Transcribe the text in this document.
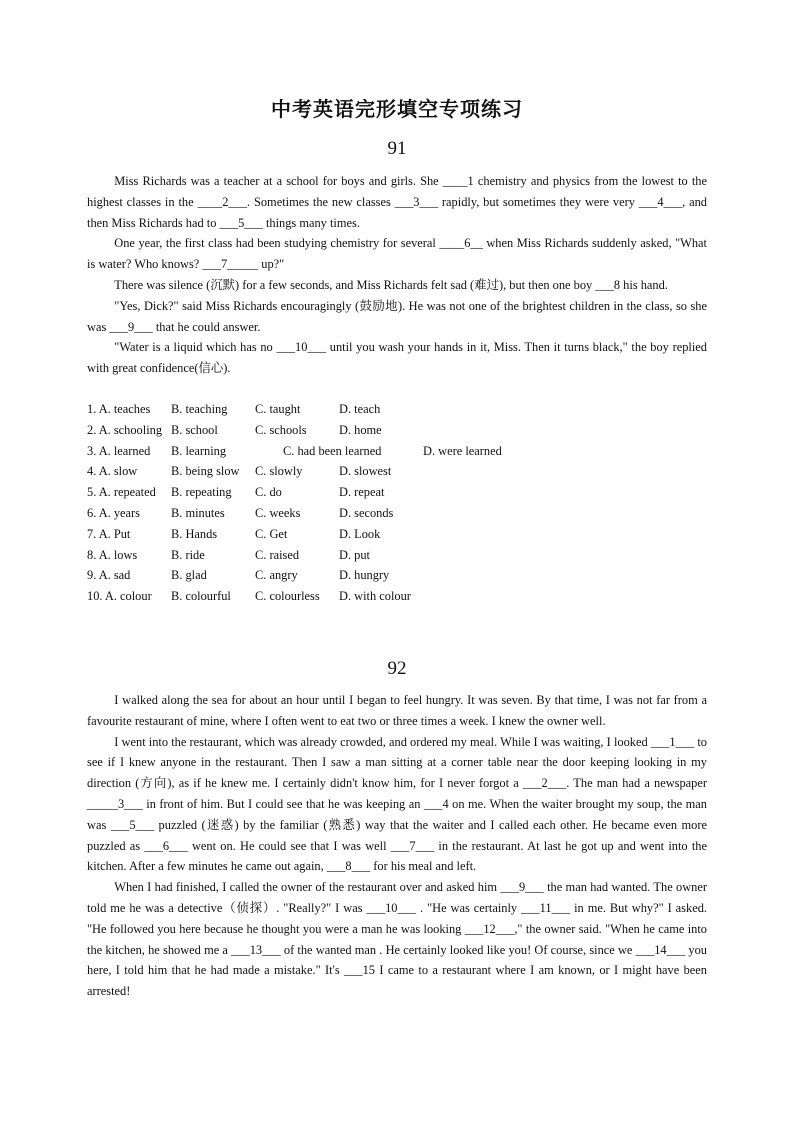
中考英语完形填空专项练习
91

Miss Richards was a teacher at a school for boys and girls. She ____1 chemistry and physics from the lowest to the highest classes in the ____2___. Sometimes the new classes ___3___ rapidly, but sometimes they were very ___4___, and then Miss Richards had to ___5___ things many times.

One year, the first class had been studying chemistry for several ____6__ when Miss Richards suddenly asked, "What is water? Who knows? ___7_____ up?"

There was silence (沉默) for a few seconds, and Miss Richards felt sad (难过), but then one boy ___8 his hand.

"Yes, Dick?" said Miss Richards encouragingly (鼓励地). He was not one of the brightest children in the class, so she was ___9___ that he could answer.

"Water is a liquid which has no ___10___ until you wash your hands in it, Miss. Then it turns black," the boy replied with great confidence(信心).

1. A. teaches	B. teaching	C. taught	D. teach
2. A. schooling B. school	C. schools	D. home
3. A. learned	B. learning	C. had been learned	D. were learned
4. A. slow	B. being slow	C. slowly	D. slowest
5. A. repeated	B. repeating	C. do	D. repeat
6. A. years	B. minutes	C. weeks	D. seconds
7. A. Put	B. Hands	C. Get	D. Look
8. A. lows	B. ride	C. raised	D. put
9. A. sad	B. glad	C. angry	D. hungry
10. A. colour	B. colourful	C. colourless	D. with colour
92

I walked along the sea for about an hour until I began to feel hungry. It was seven. By that time, I was not far from a favourite restaurant of mine, where I often went to eat two or three times a week. I knew the owner well.

I went into the restaurant, which was already crowded, and ordered my meal. While I was waiting, I looked ___1___ to see if I knew anyone in the restaurant. Then I saw a man sitting at a corner table near the door keeping looking in my direction (方向), as if he knew me. I certainly didn't know him, for I never forgot a ___2___. The man had a newspaper _____3___ in front of him. But I could see that he was keeping an ___4 on me. When the waiter brought my soup, the man was ___5___ puzzled (迷惑) by the familiar (熟悉) way that the waiter and I called each other. He became even more puzzled as ___6___ went on. He could see that I was well ___7___ in the restaurant. At last he got up and went into the kitchen. After a few minutes he came out again, ___8___ for his meal and left.

When I had finished, I called the owner of the restaurant over and asked him ___9___ the man had wanted. The owner told me he was a detective（侦探）. "Really?" I was ___10___ . "He was certainly ___11___ in me. But why?" I asked. "He followed you here because he thought you were a man he was looking ___12___," the owner said. "When he came into the kitchen, he showed me a ___13___ of the wanted man . He certainly looked like you! Of course, since we ___14___ you here, I told him that he had made a mistake." It's ___15 I came to a restaurant where I am known, or I might have been arrested!
